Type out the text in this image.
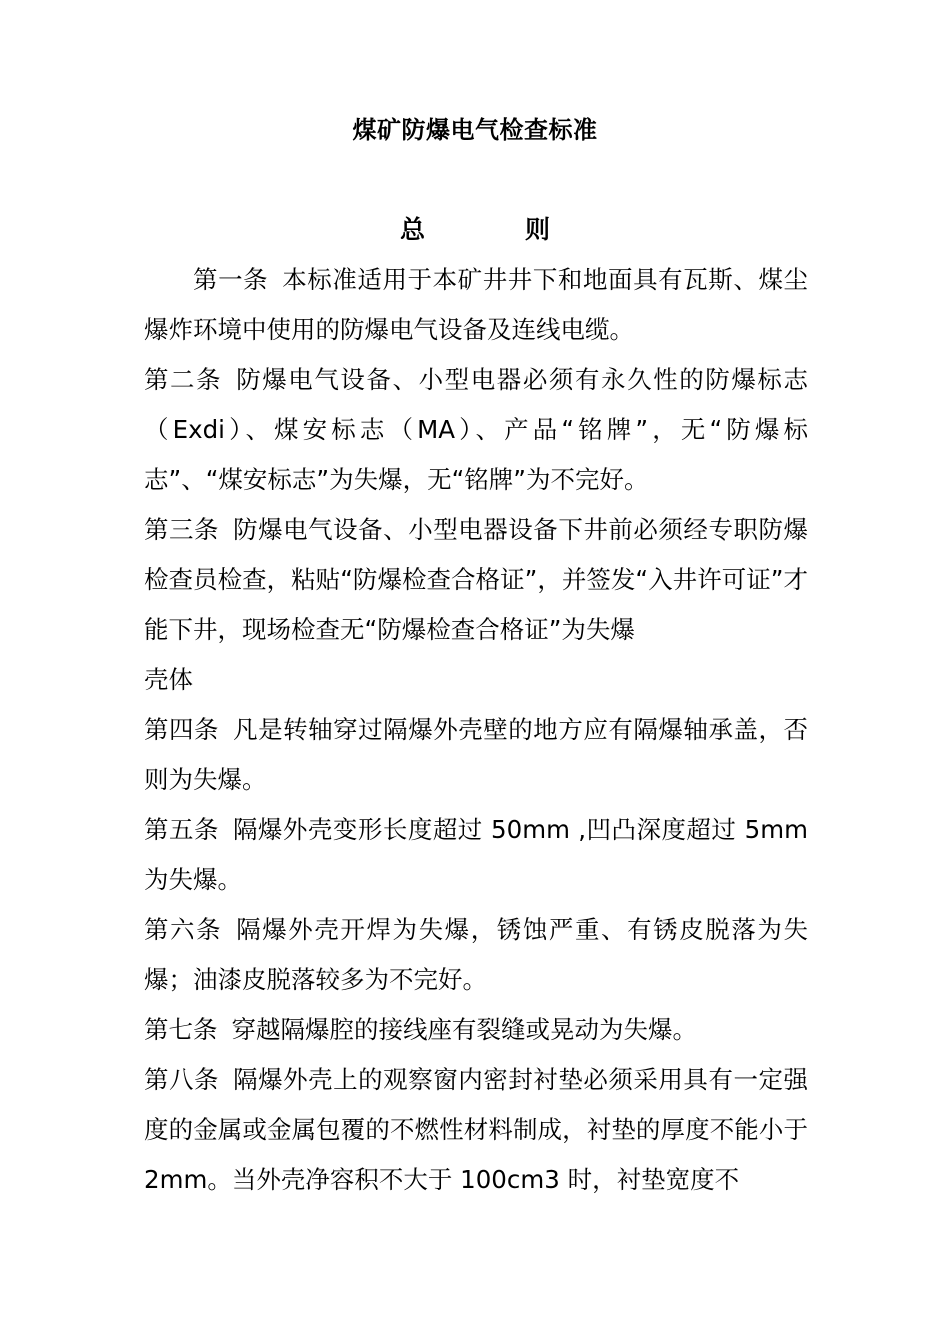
煤矿防爆电气检查标准
总　　　　则

第一条 本标准适用于本矿井井下和地面具有瓦斯、煤尘爆炸环境中使用的防爆电气设备及连线电缆。

第二条 防爆电气设备、小型电器必须有永久性的防爆标志（Exdi）、煤安标志（MA）、产品“铭牌”，无“防爆标志”、“煤安标志”为失爆，无“铭牌”为不完好。

第三条 防爆电气设备、小型电器设备下井前必须经专职防爆检查员检查，粘贴“防爆检查合格证”，并签发“入井许可证”才能下井，现场检查无“防爆检查合格证”为失爆

壳体

第四条 凡是转轴穿过隔爆外壳壁的地方应有隔爆轴承盖，否则为失爆。

第五条 隔爆外壳变形长度超过 50mm ,凹凸深度超过 5mm 为失爆。

第六条 隔爆外壳开焊为失爆，锈蚀严重、有锈皮脱落为失爆；油漆皮脱落较多为不完好。

第七条 穿越隔爆腔的接线座有裂缝或晃动为失爆。

第八条 隔爆外壳上的观察窗内密封衬垫必须采用具有一定强度的金属或金属包覆的不燃性材料制成，衬垫的厚度不能小于 2mm。当外壳净容积不大于 100cm3 时，衬垫宽度不
